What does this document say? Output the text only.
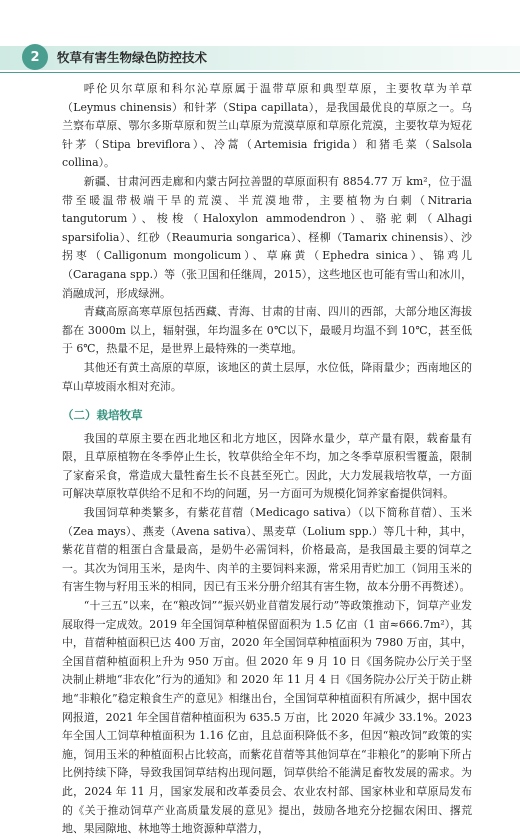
2	牧草有害生物绿色防控技术

呼伦贝尔草原和科尔沁草原属于温带草原和典型草原，主要牧草为羊草（Leymus chinensis）和针茅（Stipa capillata），是我国最优良的草原之一。乌兰察布草原、鄂尔多斯草原和贺兰山草原为荒漠草原和草原化荒漠，主要牧草为短花针茅（Stipa breviflora）、冷蒿（Artemisia frigida）和猪毛菜（Salsola collina）。

新疆、甘肃河西走廊和内蒙古阿拉善盟的草原面积有 8854.77 万 km²，位于温带至暖温带极端干旱的荒漠、半荒漠地带，主要植物为白刺（Nitraria tangutorum）、梭梭（Haloxylon ammodendron）、骆驼刺（Alhagi sparsifolia）、红砂（Reaumuria songarica）、柽柳（Tamarix chinensis）、沙拐枣（Calligonum mongolicum）、草麻黄（Ephedra sinica）、锦鸡儿（Caragana spp.）等（张卫国和任继周，2015），这些地区也可能有雪山和冰川，消融成河，形成绿洲。

青藏高原高寒草原包括西藏、青海、甘肃的甘南、四川的西部，大部分地区海拔都在 3000m 以上，辐射强，年均温多在 0℃以下，最暖月均温不到 10℃，甚至低于 6℃，热量不足，是世界上最特殊的一类草地。

其他还有黄土高原的草原，该地区的黄土层厚，水位低，降雨量少；西南地区的草山草坡雨水相对充沛。

（二）栽培牧草

我国的草原主要在西北地区和北方地区，因降水量少，草产量有限，载畜量有限，且草原植物在冬季停止生长，牧草供给全年不均，加之冬季草原积雪覆盖，限制了家畜采食，常造成大量牲畜生长不良甚至死亡。因此，大力发展栽培牧草，一方面可解决草原牧草供给不足和不均的问题，另一方面可为规模化饲养家畜提供饲料。

我国饲草种类繁多，有紫花苜蓿（Medicago sativa）（以下简称苜蓿）、玉米（Zea mays）、燕麦（Avena sativa）、黑麦草（Lolium spp.）等几十种，其中，紫花苜蓿的粗蛋白含量最高，是奶牛必需饲料，价格最高，是我国最主要的饲草之一。其次为饲用玉米，是肉牛、肉羊的主要饲料来源，常采用青贮加工（饲用玉米的有害生物与籽用玉米的相同，因已有玉米分册介绍其有害生物，故本分册不再赘述）。

“十三五”以来，在“粮改饲”“振兴奶业苜蓿发展行动”等政策推动下，饲草产业发展取得一定成效。2019 年全国饲草种植保留面积为 1.5 亿亩（1 亩≈666.7m²），其中，苜蓿种植面积已达 400 万亩，2020 年全国饲草种植面积为 7980 万亩，其中，全国苜蓿种植面积上升为 950 万亩。但 2020 年 9 月 10 日《国务院办公厅关于坚决制止耕地“非农化”行为的通知》和 2020 年 11 月 4 日《国务院办公厅关于防止耕地“非粮化”稳定粮食生产的意见》相继出台，全国饲草种植面积有所减少，据中国农网报道，2021 年全国苜蓿种植面积为 635.5 万亩，比 2020 年减少 33.1%。2023 年全国人工饲草种植面积为 1.16 亿亩，且总面积降低不多，但因“粮改饲”政策的实施，饲用玉米的种植面积占比较高，而紫花苜蓿等其他饲草在“非粮化”的影响下所占比例持续下降，导致我国饲草结构出现问题，饲草供给不能满足畜牧发展的需求。为此，2024 年 11 月，国家发展和改革委员会、农业农村部、国家林业和草原局发布的《关于推动饲草产业高质量发展的意见》提出，鼓励各地充分挖掘农闲田、撂荒地、果园隙地、林地等土地资源种草潜力，
